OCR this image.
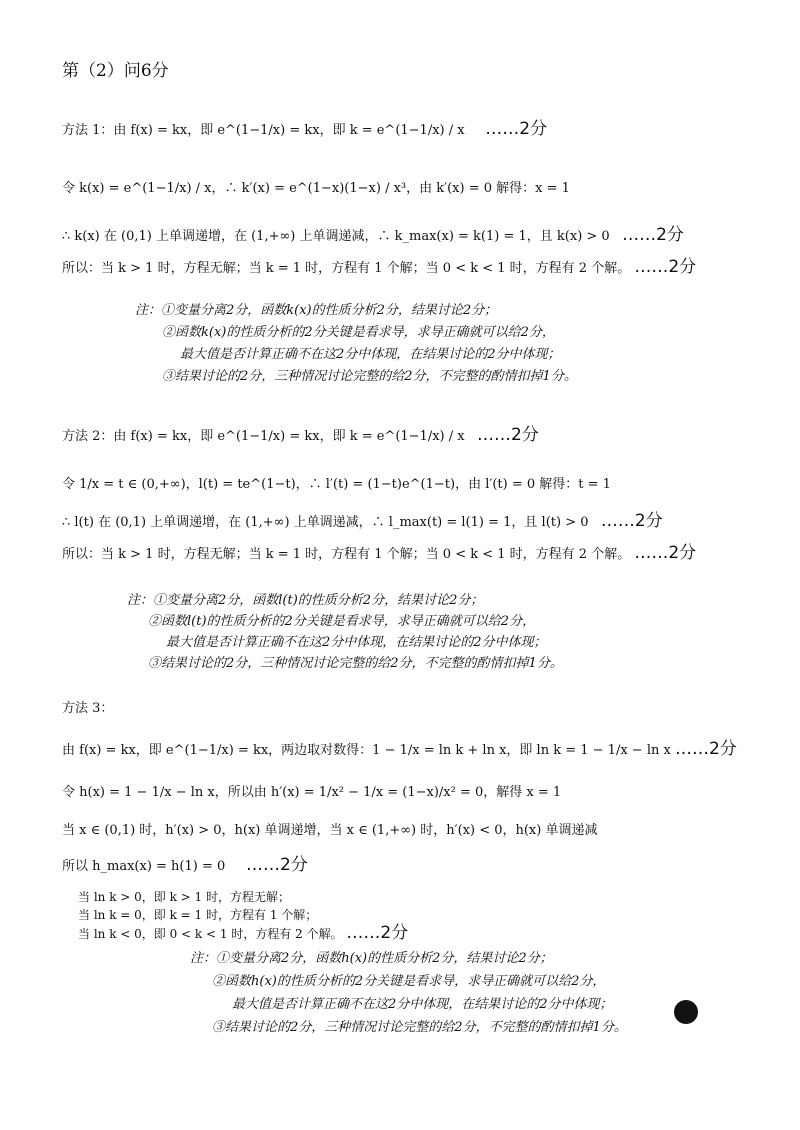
第（2）问6分
方法 1：由 f(x) = kx，即 e^(1−1/x) = kx，即 k = e^(1−1/x) / x ……2分
令 k(x) = e^(1−1/x) / x，∴ k′(x) = e^(1−x)(1−x) / x³，由 k′(x) = 0 解得：x = 1
∴ k(x) 在 (0,1) 上单调递增，在 (1,+∞) 上单调递减，∴ k_max(x) = k(1) = 1，且 k(x) > 0 ……2分
所以：当 k > 1 时，方程无解；当 k = 1 时，方程有 1 个解；当 0 < k < 1 时，方程有 2 个解。 ……2分
注：①变量分离2分，函数k(x)的性质分析2分，结果讨论2分；
②函数k(x)的性质分析的2分关键是看求导，求导正确就可以给2分，
最大值是否计算正确不在这2分中体现，在结果讨论的2分中体现；
③结果讨论的2分，三种情况讨论完整的给2分，不完整的酌情扣掉1分。
方法 2：由 f(x) = kx，即 e^(1−1/x) = kx，即 k = e^(1−1/x) / x ……2分
令 1/x = t ∈ (0,+∞)，l(t) = te^(1−t)，∴ l′(t) = (1−t)e^(1−t)，由 l′(t) = 0 解得：t = 1
∴ l(t) 在 (0,1) 上单调递增，在 (1,+∞) 上单调递减，∴ l_max(t) = l(1) = 1，且 l(t) > 0 ……2分
所以：当 k > 1 时，方程无解；当 k = 1 时，方程有 1 个解；当 0 < k < 1 时，方程有 2 个解。 ……2分
注：①变量分离2分，函数l(t)的性质分析2分，结果讨论2分；
②函数l(t)的性质分析的2分关键是看求导，求导正确就可以给2分，
最大值是否计算正确不在这2分中体现，在结果讨论的2分中体现；
③结果讨论的2分，三种情况讨论完整的给2分，不完整的酌情扣掉1分。
方法 3：
由 f(x) = kx，即 e^(1−1/x) = kx，两边取对数得：1 − 1/x = ln k + ln x，即 ln k = 1 − 1/x − ln x ……2分
令 h(x) = 1 − 1/x − ln x，所以由 h′(x) = 1/x² − 1/x = (1−x)/x² = 0，解得 x = 1
当 x ∈ (0,1) 时，h′(x) > 0，h(x) 单调递增，当 x ∈ (1,+∞) 时，h′(x) < 0，h(x) 单调递减
所以 h_max(x) = h(1) = 0 ……2分
当 ln k > 0，即 k > 1 时，方程无解；
当 ln k = 0，即 k = 1 时，方程有 1 个解；
当 ln k < 0，即 0 < k < 1 时，方程有 2 个解。 ……2分
注：①变量分离2分，函数h(x)的性质分析2分，结果讨论2分；
②函数h(x)的性质分析的2分关键是看求导，求导正确就可以给2分，
最大值是否计算正确不在这2分中体现，在结果讨论的2分中体现；
③结果讨论的2分，三种情况讨论完整的给2分，不完整的酌情扣掉1分。
